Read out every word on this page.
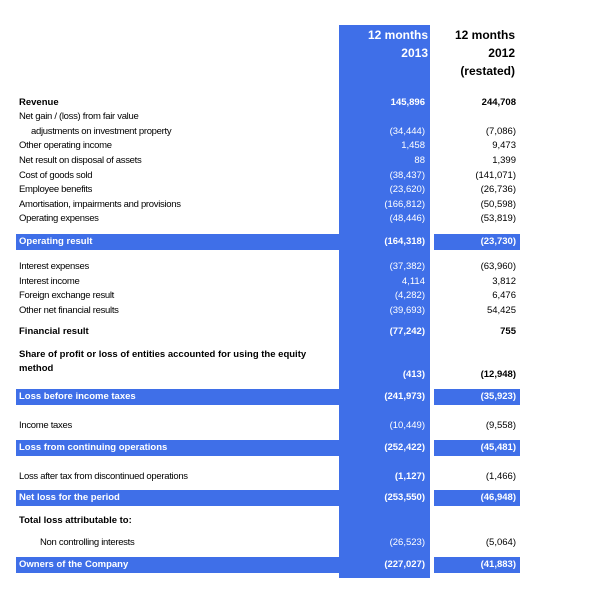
12 months
2013
12 months
2012
(restated)
Revenue	145,896	244,708
Net gain / (loss) from fair value
adjustments on investment property	(34,444)	(7,086)
Other operating income	1,458	9,473
Net result on disposal of assets	88	1,399
Cost of goods sold	(38,437)	(141,071)
Employee benefits	(23,620)	(26,736)
Amortisation, impairments and provisions	(166,812)	(50,598)
Operating expenses	(48,446)	(53,819)
Operating result	(164,318)	(23,730)
Interest expenses	(37,382)	(63,960)
Interest income	4,114	3,812
Foreign exchange result	(4,282)	6,476
Other net financial results	(39,693)	54,425
Financial result	(77,242)	755
Share of profit or loss of entities accounted for using the equity
method
(413)	(12,948)
Loss before income taxes	(241,973)	(35,923)
Income taxes	(10,449)	(9,558)
Loss from continuing operations	(252,422)	(45,481)
Loss after tax from discontinued operations	(1,127)	(1,466)
Net loss for the period	(253,550)	(46,948)
Total loss attributable to:
Non controlling interests	(26,523)	(5,064)
Owners of the Company	(227,027)	(41,883)
